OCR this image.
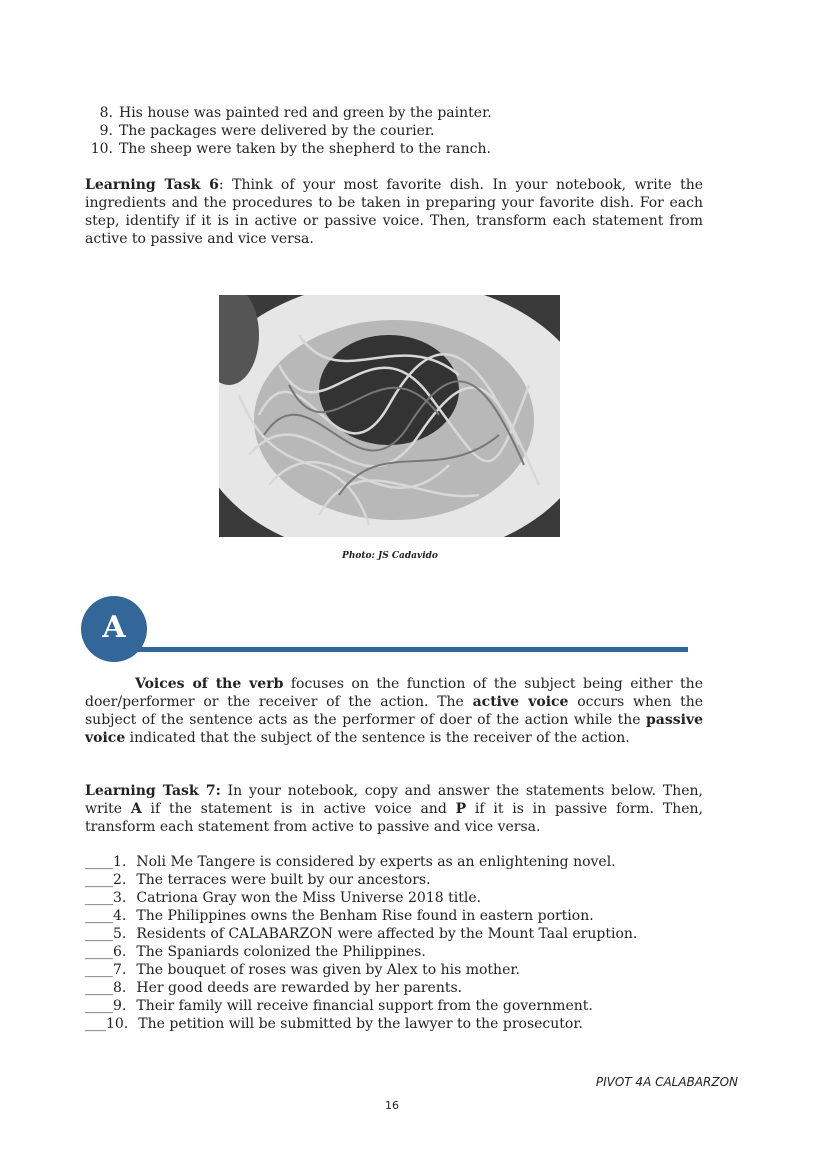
8. His house was painted red and green by the painter.
9. The packages were delivered by the courier.
10. The sheep were taken by the shepherd to the ranch.
Learning Task 6: Think of your most favorite dish. In your notebook, write the ingredients and the procedures to be taken in preparing your favorite dish. For each step, identify if it is in active or passive voice. Then, transform each statement from active to passive and vice versa.
Photo: JS Cadavido
A
Voices of the verb focuses on the function of the subject being either the doer/performer or the receiver of the action. The active voice occurs when the subject of the sentence acts as the performer of doer of the action while the passive voice indicated that the subject of the sentence is the receiver of the action.
Learning Task 7: In your notebook, copy and answer the statements below. Then, write A if the statement is in active voice and P if it is in passive form. Then, transform each statement from active to passive and vice versa.
____1. Noli Me Tangere is considered by experts as an enlightening novel.
____2. The terraces were built by our ancestors.
____3. Catriona Gray won the Miss Universe 2018 title.
____4. The Philippines owns the Benham Rise found in eastern portion.
____5. Residents of CALABARZON were affected by the Mount Taal eruption.
____6. The Spaniards colonized the Philippines.
____7. The bouquet of roses was given by Alex to his mother.
____8. Her good deeds are rewarded by her parents.
____9. Their family will receive financial support from the government.
___10. The petition will be submitted by the lawyer to the prosecutor.
PIVOT 4A CALABARZON
16
